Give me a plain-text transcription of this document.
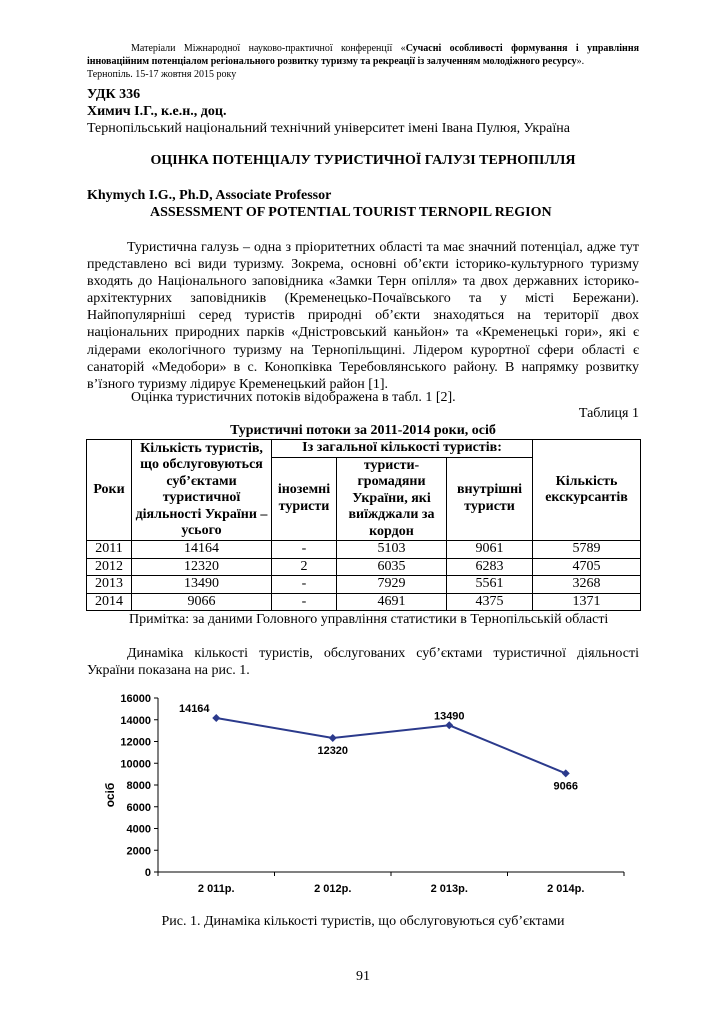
Матеріали Міжнародної науково-практичної конференції «Сучасні особливості формування і управління інноваційним потенціалом регіонального розвитку туризму та рекреації із залученням молодіжного ресурсу».
Тернопіль. 15-17 жовтня 2015 року
УДК 336
Химич І.Г., к.е.н., доц.
Тернопільський національний технічний університет імені Івана Пулюя, Україна
ОЦІНКА ПОТЕНЦІАЛУ ТУРИСТИЧНОЇ ГАЛУЗІ ТЕРНОПІЛЛЯ
Khymych I.G., Ph.D, Associate Professor
ASSESSMENT OF POTENTIAL TOURIST TERNOPIL REGION
Туристична галузь – одна з пріоритетних області та має значний потенціал, адже тут представлено всі види туризму. Зокрема, основні об’єкти історико-культурного туризму входять до Національного заповідника «Замки Терн опілля» та двох державних історико-архітектурних заповідників (Кременецько-Почаївського та у місті Бережани). Найпопулярніші серед туристів природні об’єкти знаходяться на території двох національних природних парків «Дністровський каньйон» та «Кременецькі гори», які є лідерами екологічного туризму на Тернопільщині. Лідером курортної сфери області є санаторій «Медобори» в с. Конопківка Теребовлянського району. В напрямку розвитку в’їзного туризму лідирує Кременецький район [1].
Оцінка туристичних потоків відображена в табл. 1 [2].
Таблиця 1
Туристичні потоки за 2011-2014 роки, осіб
Роки	Кількість туристів, що обслуговуються суб’єктами туристичної діяльності України – усього	Із загальної кількості туристів:			Кількість екскурсантів
		іноземні туристи	туристи-громадяни України, які виїжджали за кордон	внутрішні туристи	
2011	14164	-	5103	9061	5789
2012	12320	2	6035	6283	4705
2013	13490	-	7929	5561	3268
2014	9066	-	4691	4375	1371
Примітка: за даними Головного управління статистики в Тернопільській області
Динаміка кількості туристів, обслугованих суб’єктами туристичної діяльності України показана на рис. 1.
0
2000
4000
6000
8000
10000
12000
14000
16000
2 011р.	2 012р.	2 013р.	2 014р.
осіб
14164
12320
13490
9066
Рис. 1. Динаміка кількості туристів, що обслуговуються суб’єктами
91
